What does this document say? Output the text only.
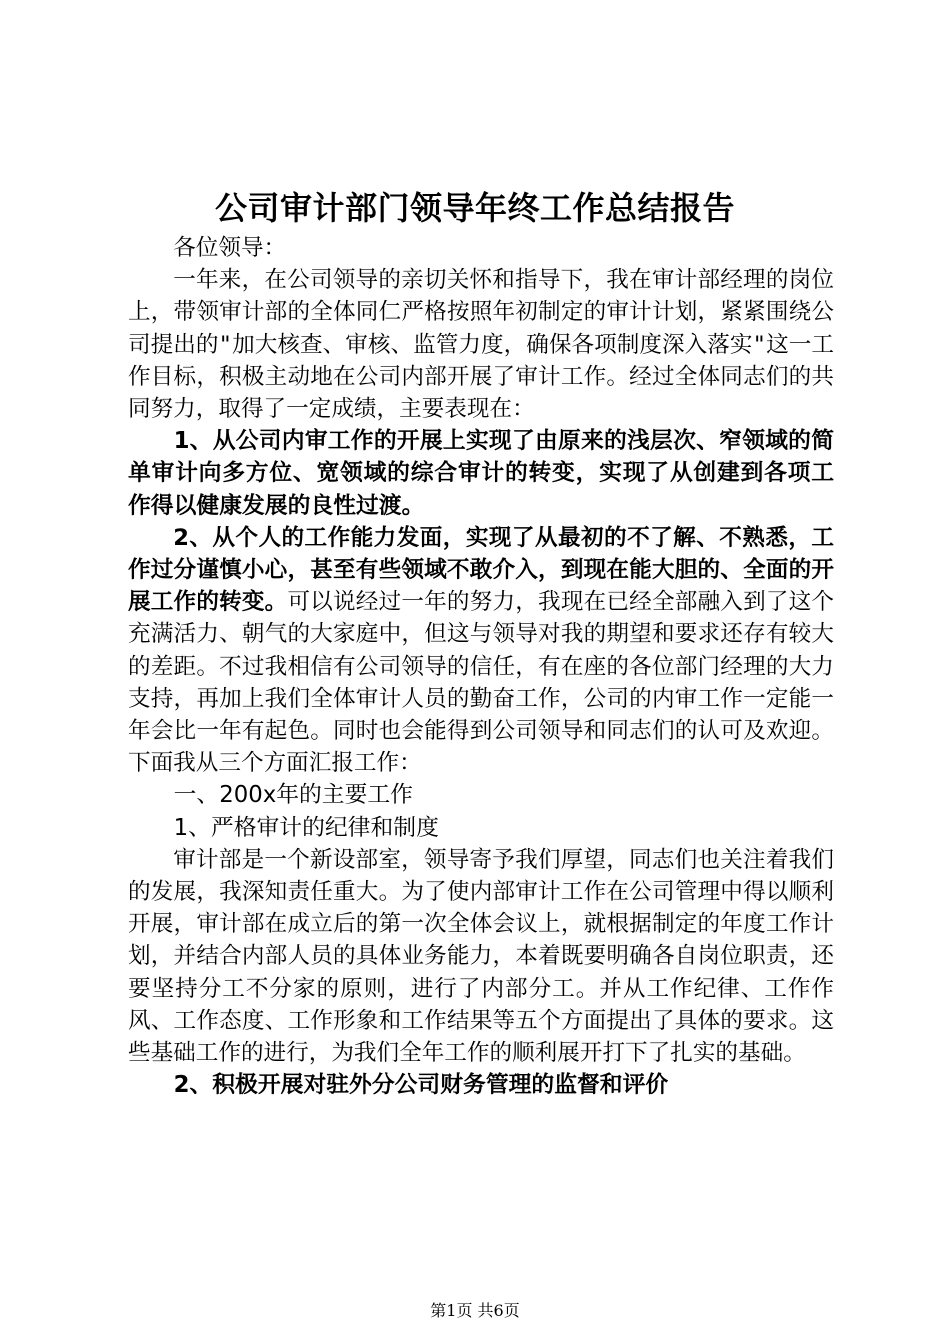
公司审计部门领导年终工作总结报告

各位领导：

一年来，在公司领导的亲切关怀和指导下，我在审计部经理的岗位上，带领审计部的全体同仁严格按照年初制定的审计计划，紧紧围绕公司提出的"加大核查、审核、监管力度，确保各项制度深入落实"这一工作目标，积极主动地在公司内部开展了审计工作。经过全体同志们的共同努力，取得了一定成绩，主要表现在：

1、从公司内审工作的开展上实现了由原来的浅层次、窄领域的简单审计向多方位、宽领域的综合审计的转变，实现了从创建到各项工作得以健康发展的良性过渡。

2、从个人的工作能力发面，实现了从最初的不了解、不熟悉，工作过分谨慎小心，甚至有些领域不敢介入，到现在能大胆的、全面的开展工作的转变。可以说经过一年的努力，我现在已经全部融入到了这个充满活力、朝气的大家庭中，但这与领导对我的期望和要求还存有较大的差距。不过我相信有公司领导的信任，有在座的各位部门经理的大力支持，再加上我们全体审计人员的勤奋工作，公司的内审工作一定能一年会比一年有起色。同时也会能得到公司领导和同志们的认可及欢迎。下面我从三个方面汇报工作：

一、200x年的主要工作

1、严格审计的纪律和制度

审计部是一个新设部室，领导寄予我们厚望，同志们也关注着我们的发展，我深知责任重大。为了使内部审计工作在公司管理中得以顺利开展，审计部在成立后的第一次全体会议上，就根据制定的年度工作计划，并结合内部人员的具体业务能力，本着既要明确各自岗位职责，还要坚持分工不分家的原则，进行了内部分工。并从工作纪律、工作作风、工作态度、工作形象和工作结果等五个方面提出了具体的要求。这些基础工作的进行，为我们全年工作的顺利展开打下了扎实的基础。

2、积极开展对驻外分公司财务管理的监督和评价

第1页 共6页
